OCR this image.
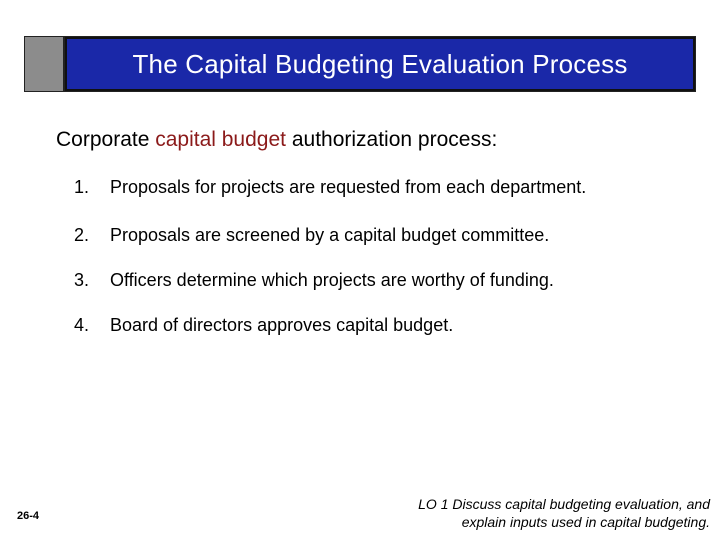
The Capital Budgeting Evaluation Process
Corporate capital budget authorization process:
1.	Proposals for projects are requested from each department.
2.	Proposals are screened by a capital budget committee.
3.	Officers determine which projects are worthy of funding.
4.	Board of directors approves capital budget.
26-4
LO 1 Discuss capital budgeting evaluation, and
explain inputs used in capital budgeting.
